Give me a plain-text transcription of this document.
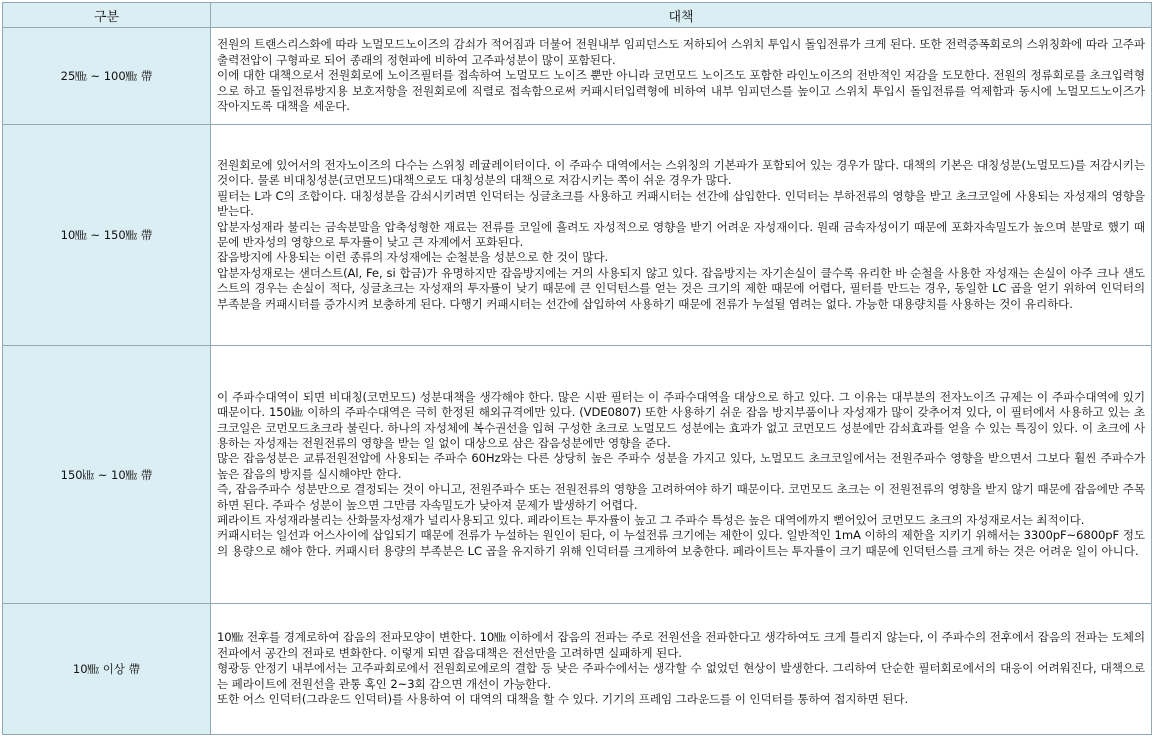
구분	대책
25㎒ ~ 100㎒ 帶	전원의 트랜스리스화에 따라 노멀모드노이즈의 감쇠가 적어짐과 더불어 전원내부 임피던스도 저하되어 스위치 투입시 돌입전류가 크게 된다. 또한 전력증폭회로의 스위칭화에 따라 고주파 출력전압이 구형파로 되어 종래의 정현파에 비하여 고주파성분이 많이 포함된다.

이에 대한 대책으로서 전원회로에 노이즈필터를 접속하여 노멀모드 노이즈 뿐만 아니라 코먼모드 노이즈도 포함한 라인노이즈의 전반적인 저감을 도모한다. 전원의 정류회로를 초크입력형으로 하고 돌입전류방지용 보호저항을 전원회로에 직렬로 접속함으로써 커패시터입력형에 비하여 내부 임피던스를 높이고 스위치 투입시 돌입전류를 억제함과 동시에 노멀모드노이즈가 작아지도록 대책을 세운다.

10㎒ ~ 150㎒ 帶	전원회로에 있어서의 전자노이즈의 다수는 스위칭 레귤레이터이다. 이 주파수 대역에서는 스위칭의 기본파가 포함되어 있는 경우가 많다. 대책의 기본은 대칭성분(노멀모드)를 저감시키는 것이다. 물론 비대칭성분(코먼모드)대책으로도 대칭성분의 대책으로 저감시키는 쪽이 쉬운 경우가 많다.

필터는 L과 C의 조합이다. 대칭성분을 감쇠시키려면 인덕터는 싱글초크를 사용하고 커패시터는 선간에 삽입한다. 인덕터는 부하전류의 영향을 받고 초크코일에 사용되는 자성재의 영향을 받는다.

압분자성재라 불리는 금속분말을 압축성형한 재료는 전류를 코일에 흘려도 자성적으로 영향을 받기 어려운 자성재이다. 원래 금속자성이기 때문에 포화자속밀도가 높으며 분말로 했기 때문에 반자성의 영향으로 투자률이 낮고 큰 자계에서 포화된다.

잡음방지에 사용되는 이런 종류의 자성재에는 순철분을 성분으로 한 것이 많다.

압분자성재로는 샌더스트(Al, Fe, si 합금)가 유명하지만 잡음방지에는 거의 사용되지 않고 있다. 잡음방지는 자기손실이 클수록 유리한 바 순철을 사용한 자성재는 손실이 아주 크나 샌도스트의 경우는 손실이 적다, 싱글초크는 자성재의 투자률이 낮기 때문에 큰 인덕턴스를 얻는 것은 크기의 제한 때문에 어렵다, 필터를 만드는 경우, 동일한 LC 곱을 얻기 위하여 인덕터의 부족분을 커패시터를 증가시켜 보충하게 된다. 다행기 커패시터는 선간에 삽입하여 사용하기 때문에 전류가 누설될 염려는 없다. 가능한 대용량치를 사용하는 것이 유리하다.

150㎑ ~ 10㎒ 帶	이 주파수대역이 되면 비대칭(코먼모드) 성분대책을 생각해야 한다. 많은 시판 필터는 이 주파수대역을 대상으로 하고 있다. 그 이유는 대부분의 전자노이즈 규제는 이 주파수대역에 있기 때문이다. 150㎑ 이하의 주파수대역은 극히 한정된 해외규격에만 있다. (VDE0807) 또한 사용하기 쉬운 잡음 방지부품이나 자성재가 많이 갖추어져 있다, 이 필터에서 사용하고 있는 초크코일은 코먼모드초크라 불린다. 하나의 자성체에 복수권선을 입혀 구성한 초크로 노멀모드 성분에는 효과가 없고 코먼모드 성분에만 감쇠효과를 얻을 수 있는 특징이 있다. 이 초크에 사용하는 자성재는 전원전류의 영향을 받는 일 없이 대상으로 삼은 잡음성분에만 영향을 준다.

많은 잡음성분은 교류전원전압에 사용되는 주파수 60Hz와는 다른 상당히 높은 주파수 성분을 가지고 있다, 노멀모드 초크코일에서는 전원주파수 영향을 받으면서 그보다 훨씬 주파수가 높은 잡음의 방지를 실시해야만 한다.

즉, 잡음주파수 성분만으로 결정되는 것이 아니고, 전원주파수 또는 전원전류의 영향을 고려하여야 하기 때문이다. 코먼모드 초크는 이 전원전류의 영향을 받지 않기 때문에 잡음에만 주목하면 된다. 주파수 성분이 높으면 그만큼 자속밀도가 낮아져 문제가 발생하기 어렵다.

페라이트 자성재라불리는 산화물자성재가 널리사용되고 있다. 페라이트는 투자률이 높고 그 주파수 특성은 높은 대역에까지 뻗어있어 코먼모드 초크의 자성재로서는 최적이다.

커패시터는 일선과 어스사이에 삽입되기 때문에 전류가 누설하는 원인이 된다, 이 누설전류 크기에는 제한이 있다. 일반적인 1mA 이하의 제한을 지키기 위해서는 3300pF~6800pF 정도의 용량으로 해야 한다. 커패시터 용량의 부족분은 LC 곱을 유지하기 위해 인덕터를 크게하여 보충한다. 페라이트는 투자률이 크기 때문에 인덕턴스를 크게 하는 것은 어려운 일이 아니다.

10㎒ 이상 帶	10㎒ 전후를 경계로하여 잡음의 전파모양이 변한다. 10㎒ 이하에서 잡음의 전파는 주로 전원선을 전파한다고 생각하여도 크게 틀리지 않는다, 이 주파수의 전후에서 잡음의 전파는 도체의 전파에서 공간의 전파로 변화한다. 이렇게 되면 잡음대책은 전선만을 고려하면 실패하게 된다.

형광등 안정기 내부에서는 고주파회로에서 전원회로에로의 결합 등 낮은 주파수에서는 생각할 수 없었던 현상이 발생한다. 그리하여 단순한 필터회로에서의 대응이 어려워진다, 대책으로는 페라이트에 전원선을 관통 혹인 2~3회 감으면 개선이 가능한다.

또한 어스 인덕터(그라운드 인덕터)를 사용하여 이 대역의 대책을 할 수 있다. 기기의 프레임 그라운드를 이 인덕터를 통하여 접지하면 된다.
